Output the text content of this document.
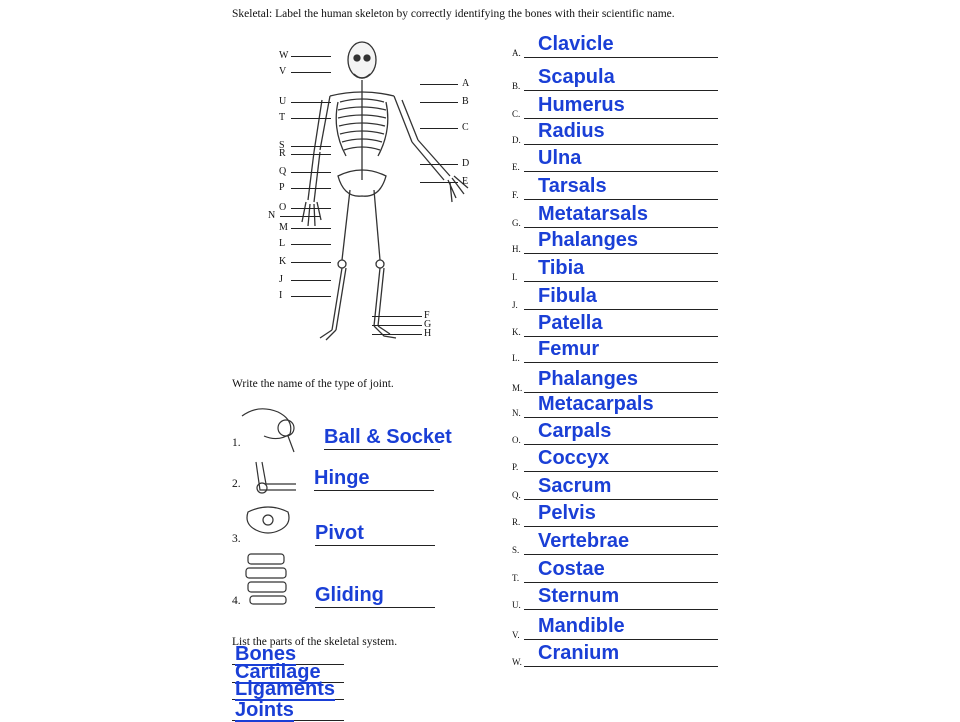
Skeletal: Label the human skeleton by correctly identifying the bones with their scientific name.
W
V
U
T
S
R
Q
P
O
N
M
L
K
J
I
A
B
C
D
E
F
G
H
A. Clavicle
B. Scapula
C. Humerus
D. Radius
E. Ulna
F. Tarsals
G. Metatarsals
H. Phalanges
I. Tibia
J. Fibula
K. Patella
L. Femur
M. Phalanges
N. Metacarpals
O. Carpals
P. Coccyx
Q. Sacrum
R. Pelvis
S. Vertebrae
T. Costae
U. Sternum
V. Mandible
W. Cranium
Write the name of the type of joint.
1.	Ball & Socket
2.	Hinge
3.	Pivot
4.	Gliding
List the parts of the skeletal system.
Bones
Cartilage
Ligaments
Joints
